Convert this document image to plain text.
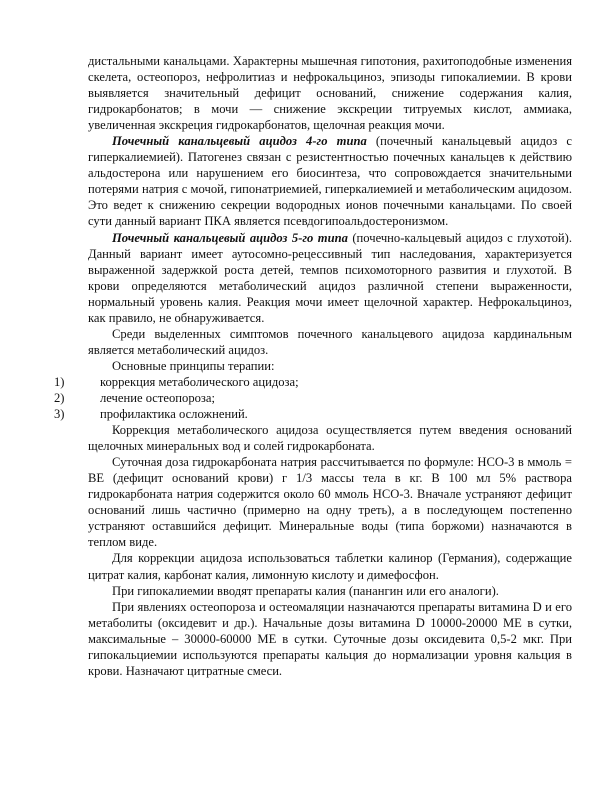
дистальными канальцами. Характерны мышечная гипотония, рахитоподобные изменения скелета, остеопороз, нефролитиаз и нефрокальциноз, эпизоды гипокалиемии. В крови выявляется значительный дефицит оснований, снижение содержания калия, гидрокарбонатов; в мочи — снижение экскреции титруемых кислот, аммиака, увеличенная экскреция гидрокарбонатов, щелочная реакция мочи.

Почечный канальцевый ацидоз 4-го типа (почечный канальцевый ацидоз с гиперкалиемией). Патогенез связан с резистентностью почечных канальцев к действию альдостерона или нарушением его биосинтеза, что сопровождается значительными потерями натрия с мочой, гипонатриемией, гиперкалиемией и метаболическим ацидозом. Это ведет к снижению секреции водородных ионов почечными канальцами. По своей сути данный вариант ПКА является псевдогипоальдостеронизмом.

Почечный канальцевый ацидоз 5-го типа (почечно-кальцевый ацидоз с глухотой). Данный вариант имеет аутосомно-рецессивный тип наследования, характеризуется выраженной задержкой роста детей, темпов психомоторного развития и глухотой. В крови определяются метаболический ацидоз различной степени выраженности, нормальный уровень калия. Реакция мочи имеет щелочной характер. Нефрокальциноз, как правило, не обнаруживается.

Среди выделенных симптомов почечного канальцевого ацидоза кардинальным является метаболический ацидоз.

Основные принципы терапии:

1)	коррекция метаболического ацидоза;
2)	лечение остеопороза;
3)	профилактика осложнений.

Коррекция метаболического ацидоза осуществляется путем введения оснований щелочных минеральных вод и солей гидрокарбоната.

Суточная доза гидрокарбоната натрия рассчитывается по формуле: НСО-3 в ммоль = ВЕ (дефицит оснований крови) г 1/3 массы тела в кг. В 100 мл 5% раствора гидрокарбоната натрия содержится около 60 ммоль НСО-3. Вначале устраняют дефицит оснований лишь частично (примерно на одну треть), а в последующем постепенно устраняют оставшийся дефицит. Минеральные воды (типа боржоми) назначаются в теплом виде.

Для коррекции ацидоза использоваться таблетки калинор (Германия), содержащие цитрат калия, карбонат калия, лимонную кислоту и димефосфон.

При гипокалиемии вводят препараты калия (панангин или его аналоги).

При явлениях остеопороза и остеомаляции назначаются препараты витамина D и его метаболиты (оксидевит и др.). Начальные дозы витамина D 10000-20000 МЕ в сутки, максимальные – 30000-60000 МЕ в сутки. Суточные дозы оксидевита 0,5-2 мкг. При гипокальциемии используются препараты кальция до нормализации уровня кальция в крови. Назначают цитратные смеси.
